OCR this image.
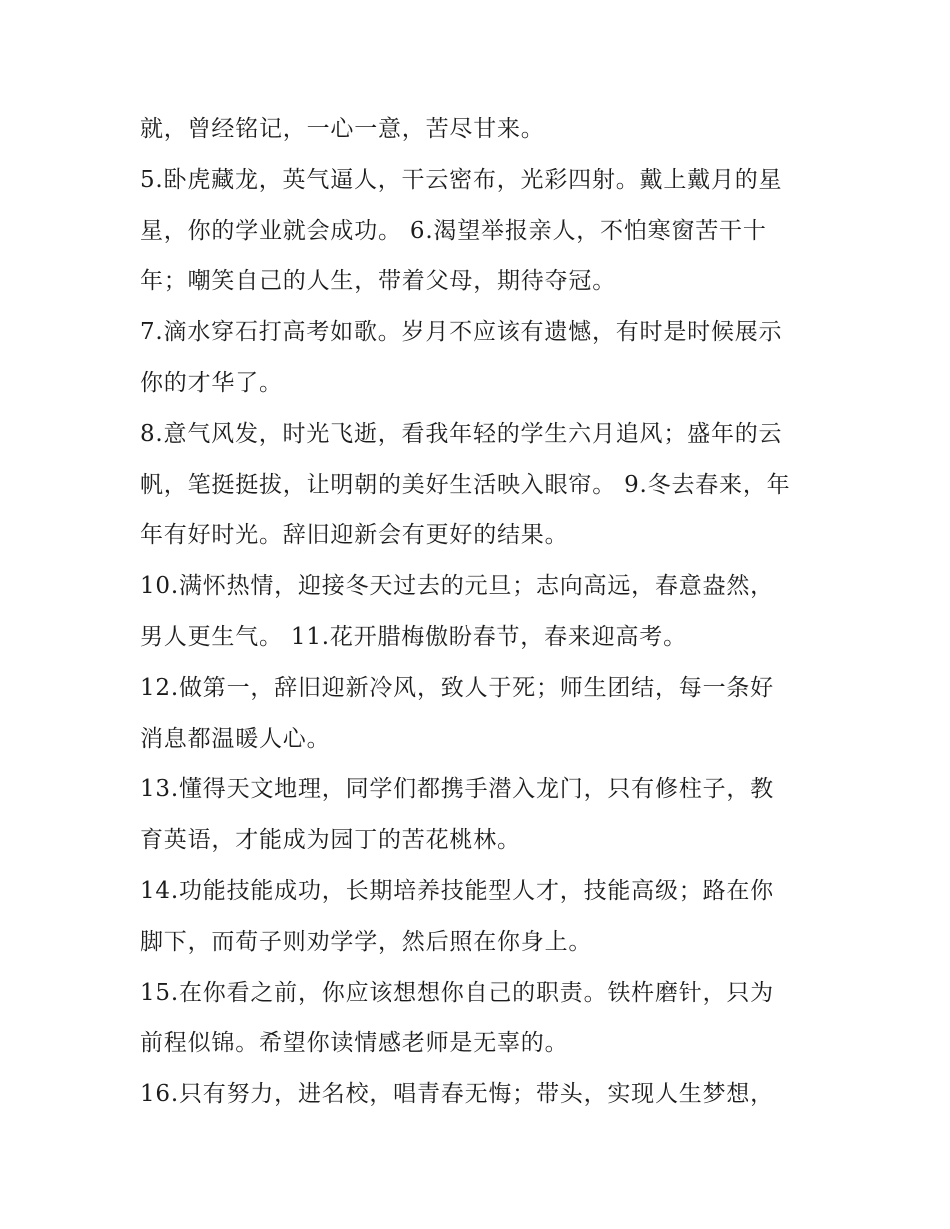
就，曾经铭记，一心一意，苦尽甘来。
5.卧虎藏龙，英气逼人，干云密布，光彩四射。戴上戴月的星
星，你的学业就会成功。 6.渴望举报亲人，不怕寒窗苦干十
年；嘲笑自己的人生，带着父母，期待夺冠。
7.滴水穿石打高考如歌。岁月不应该有遗憾，有时是时候展示
你的才华了。
8.意气风发，时光飞逝，看我年轻的学生六月追风；盛年的云
帆，笔挺挺拔，让明朝的美好生活映入眼帘。 9.冬去春来，年
年有好时光。辞旧迎新会有更好的结果。
10.满怀热情，迎接冬天过去的元旦；志向高远，春意盎然，
男人更生气。 11.花开腊梅傲盼春节，春来迎高考。
12.做第一，辞旧迎新冷风，致人于死；师生团结，每一条好
消息都温暖人心。
13.懂得天文地理，同学们都携手潜入龙门，只有修柱子，教
育英语，才能成为园丁的苦花桃林。
14.功能技能成功，长期培养技能型人才，技能高级；路在你
脚下，而荀子则劝学学，然后照在你身上。
15.在你看之前，你应该想想你自己的职责。铁杵磨针，只为
前程似锦。希望你读情感老师是无辜的。
16.只有努力，进名校，唱青春无悔；带头，实现人生梦想，
